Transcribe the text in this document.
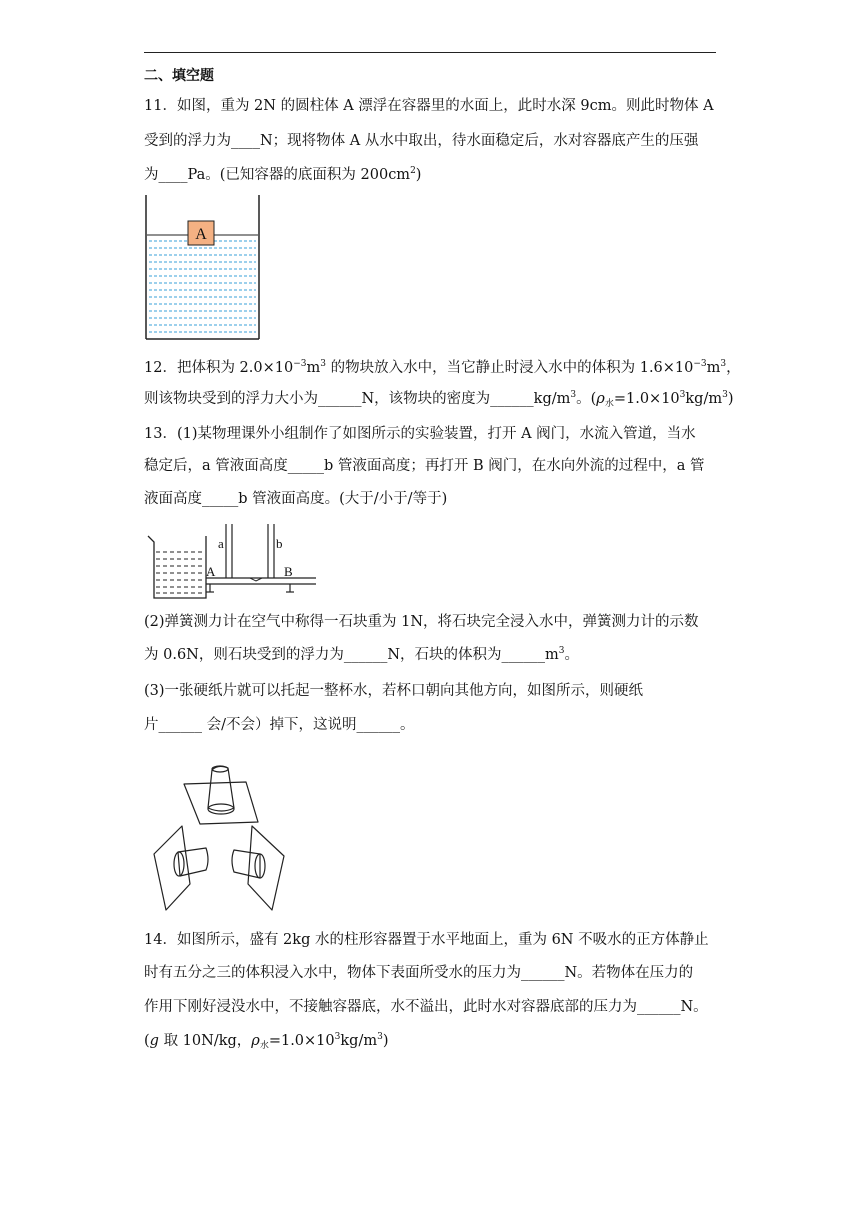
二、填空题
11．如图，重为 2N 的圆柱体 A 漂浮在容器里的水面上，此时水深 9cm。则此时物体 A
受到的浮力为____N；现将物体 A 从水中取出，待水面稳定后，水对容器底产生的压强
为____Pa。(已知容器的底面积为 $200cm^2$)
A
12．把体积为 $2.0\times 10^{-3}m^3$ 的物块放入水中，当它静止时浸入水中的体积为 $1.6\times 10^{-3}m^3$，
则该物块受到的浮力大小为______N，该物块的密度为$\_\_\_\_\_\_kg/m^3$。$(\rho_水=1.0\times 10^3kg/m^3)$
13．(1)某物理课外小组制作了如图所示的实验装置，打开 A 阀门，水流入管道，当水
稳定后，a 管液面高度_____b 管液面高度；再打开 B 阀门，在水向外流的过程中，a 管
液面高度_____b 管液面高度。(大于/小于/等于)
a	b
A	B
(2)弹簧测力计在空气中称得一石块重为 1N，将石块完全浸入水中，弹簧测力计的示数
为 0.6N，则石块受到的浮力为______N，石块的体积为$\_\_\_\_\_\_m^3$。
(3)一张硬纸片就可以托起一整杯水，若杯口朝向其他方向，如图所示，则硬纸
片______ 会/不会）掉下，这说明______。
14．如图所示，盛有 2kg 水的柱形容器置于水平地面上，重为 6N 不吸水的正方体静止
时有五分之三的体积浸入水中，物体下表面所受水的压力为______N。若物体在压力的
作用下刚好浸没水中，不接触容器底，水不溢出，此时水对容器底部的压力为______N。
(g 取 10N/kg，$\rho_水=1.0\times 10^3kg/m^3$)
